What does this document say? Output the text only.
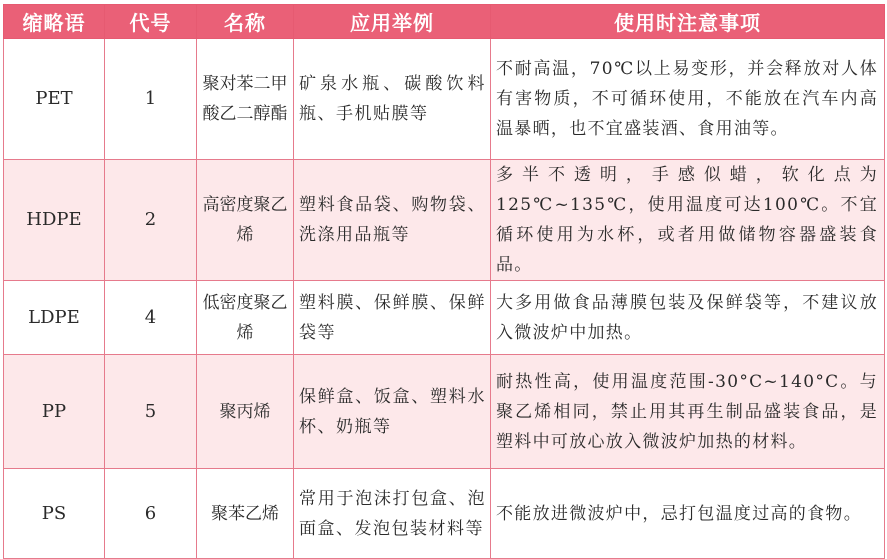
缩略语	代号	名称	应用举例	使用时注意事项
PET	1	聚对苯二甲酸乙二醇酯	矿泉水瓶、碳酸饮料瓶、手机贴膜等	不耐高温，70℃以上易变形，并会释放对人体有害物质，不可循环使用，不能放在汽车内高温暴晒，也不宜盛装酒、食用油等。
HDPE	2	高密度聚乙烯	塑料食品袋、购物袋、洗涤用品瓶等	多半不透明，手感似蜡，软化点为125℃~135℃，使用温度可达100℃。不宜循环使用为水杯，或者用做储物容器盛装食品。
LDPE	4	低密度聚乙烯	塑料膜、保鲜膜、保鲜袋等	大多用做食品薄膜包装及保鲜袋等，不建议放入微波炉中加热。
PP	5	聚丙烯	保鲜盒、饭盒、塑料水杯、奶瓶等	耐热性高，使用温度范围-30°C~140°C。与聚乙烯相同，禁止用其再生制品盛装食品，是塑料中可放心放入微波炉加热的材料。
PS	6	聚苯乙烯	常用于泡沫打包盒、泡面盒、发泡包装材料等	不能放进微波炉中，忌打包温度过高的食物。
